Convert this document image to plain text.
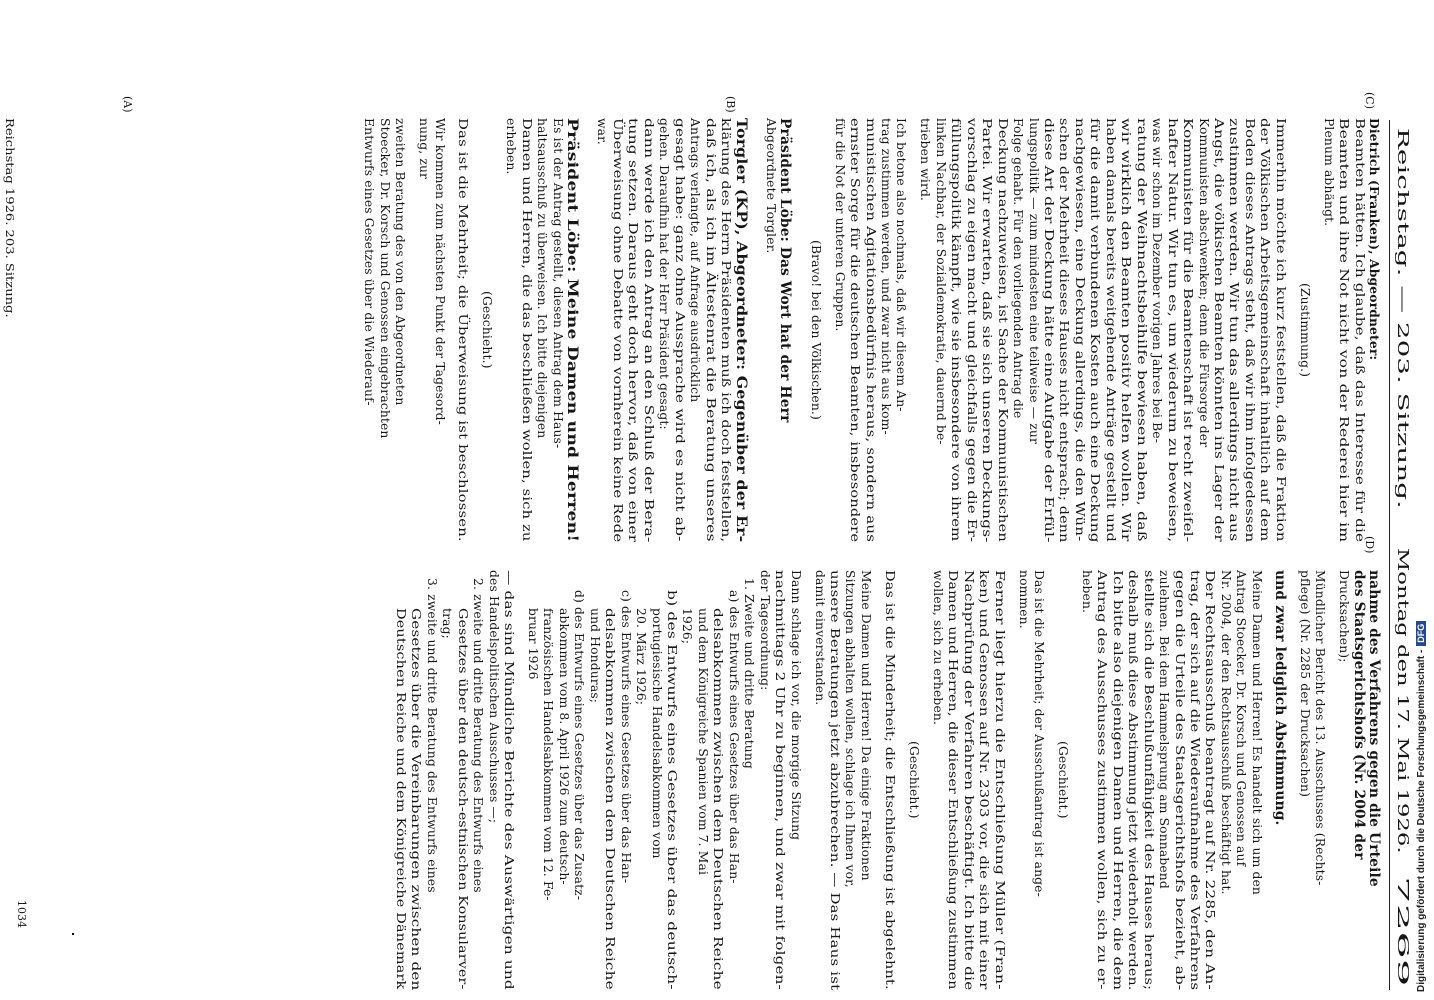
Reichstag. — 203. Sitzung.
Montag den 17. Mai 1926.
7269
(A)	(B)	(C)
(D)
Dietrich (Franken), Abgeordneter:
Beamten hätten. Ich glaube, daß das Interesse für die
Beamten und ihre Not nicht von der Rederei hier im
Plenum abhängt.
(Zustimmung.)
Immerhin möchte ich kurz feststellen, daß die Fraktion
der Völkischen Arbeitsgemeinschaft inhaltlich auf dem
Boden dieses Antrags steht, daß wir ihm infolgedessen
zustimmen werden. Wir tun das allerdings nicht aus
Angst, die völkischen Beamten könnten ins Lager der
Kommunisten abschwenken; denn die Fürsorge der
Kommunisten für die Beamtenschaft ist recht zweifel-
hafter Natur. Wir tun es, um wiederum zu beweisen,
was wir schon im Dezember vorigen Jahres bei Be-
ratung der Weihnachtsbeihilfe bewiesen haben, daß
wir wirklich den Beamten positiv helfen wollen. Wir
haben damals bereits weitgehende Anträge gestellt und
für die damit verbundenen Kosten auch eine Deckung
nachgewiesen, eine Deckung allerdings, die den Wün-
schen der Mehrheit dieses Hauses nicht entsprach; denn
diese Art der Deckung hätte eine Aufgabe der Erfül-
lungspolitik — zum mindesten eine teilweise — zur
Folge gehabt. Für den vorliegenden Antrag die
Deckung nachzuweisen, ist Sache der Kommunistischen
Partei. Wir erwarten, daß sie sich unseren Deckungs-
vorschlag zu eigen macht und gleichfalls gegen die Er-
füllungspolitik kämpft, wie sie insbesondere von ihrem
linken Nachbar, der Sozialdemokratie, dauernd be-
trieben wird.
Ich betone also nochmals, daß wir diesem An-
trag zustimmen werden, und zwar nicht aus kom-
munistischen Agitationsbedürfnis heraus, sondern aus
ernster Sorge für die deutschen Beamten, insbesondere
für die Not der unteren Gruppen.
(Bravo! bei den Völkischen.)
Präsident Löbe: Das Wort hat der Herr
Abgeordnete Torgler.
Torgler (KP), Abgeordneter: Gegenüber der Er-
klärung des Herrn Präsidenten muß ich doch feststellen,
daß ich, als ich im Ältestenrat die Beratung unseres
Antrags verlangte, auf Anfrage ausdrücklich
gesagt habe: ganz ohne Aussprache wird es nicht ab-
gehen. Daraufhin hat der Herr Präsident gesagt:
dann werde ich den Antrag an den Schluß der Bera-
tung setzen. Daraus geht doch hervor, daß von einer
Überweisung ohne Debatte von vornherein keine Rede
war.
Präsident Löbe: Meine Damen und Herren!
Es ist der Antrag gestellt, diesen Antrag dem Haus-
haltsausschuß zu überweisen. Ich bitte diejenigen
Damen und Herren, die das beschließen wollen, sich zu
erheben.
(Geschieht.)
Das ist die Mehrheit; die Überweisung ist beschlossen.
Wir kommen zum nächsten Punkt der Tagesord-
nung, zur
zweiten Beratung des von den Abgeordneten
Stoecker, Dr. Korsch und Genossen eingebrachten
Entwurfs eines Gesetzes über die Wiederauf-
nahme des Verfahrens gegen die Urteile
des Staatsgerichtshofs (Nr. 2004 der
Drucksachen);
Mündlicher Bericht des 13. Ausschusses (Rechts-
pflege) (Nr. 2285 der Drucksachen)
und zwar lediglich Abstimmung.
Meine Damen und Herren! Es handelt sich um den
Antrag Stoecker, Dr. Korsch und Genossen auf
Nr. 2004, der den Rechtsausschuß beschäftigt hat.
Der Rechtsausschuß beantragt auf Nr. 2285, den An-
trag, der sich auf die Wiederaufnahme des Verfahrens
gegen die Urteile des Staatsgerichtshofs bezieht, ab-
zulehnen. Bei dem Hammelsprung am Sonnabend
stellte sich die Beschlußunfähigkeit des Hauses heraus;
deshalb muß diese Abstimmung jetzt wiederholt werden.
Ich bitte also diejenigen Damen und Herren, die dem
Antrag des Ausschusses zustimmen wollen, sich zu er-
heben.
(Geschieht.)
Das ist die Mehrheit; der Ausschußantrag ist ange-
nommen.
Ferner liegt hierzu die Entschließung Müller (Fran-
ken) und Genossen auf Nr. 2303 vor, die sich mit einer
Nachprüfung der Verfahren beschäftigt. Ich bitte die
Damen und Herren, die dieser Entschließung zustimmen
wollen, sich zu erheben.
(Geschieht.)
Das ist die Minderheit; die Entschließung ist abgelehnt.
Meine Damen und Herren! Da einige Fraktionen
Sitzungen abhalten wollen, schlage ich Ihnen vor,
unsere Beratungen jetzt abzubrechen. — Das Haus ist
damit einverstanden.
Dann schlage ich vor, die morgige Sitzung
nachmittags 2 Uhr zu beginnen, und zwar mit folgen-
der Tagesordnung:
1. Zweite und dritte Beratung
a) des Entwurfs eines Gesetzes über das Han-
delsabkommen zwischen dem Deutschen Reiche
und dem Königreiche Spanien vom 7. Mai
1926;
b) des Entwurfs eines Gesetzes über das deutsch-
portugiesische Handelsabkommen vom
20. März 1926;
c) des Entwurfs eines Gesetzes über das Han-
delsabkommen zwischen dem Deutschen Reiche
und Honduras;
d) des Entwurfs eines Gesetzes über das Zusatz-
abkommen vom 8. April 1926 zum deutsch-
französischen Handelsabkommen vom 12. Fe-
bruar 1926
— das sind Mündliche Berichte des Auswärtigen und
des Handelspolitischen Ausschusses —;
2. zweite und dritte Beratung des Entwurfs eines
Gesetzes über den deutsch-estnischen Konsularver-
trag;
3. zweite und dritte Beratung des Entwurfs eines
Gesetzes über die Vereinbarungen zwischen den
Deutschen Reiche und dem Königreiche Dänemark
Reichstag 1926. 203. Sitzung.
1034	Digitalisierung gefördert durch die Deutsche Forschungsgemeinschaft -DFG
